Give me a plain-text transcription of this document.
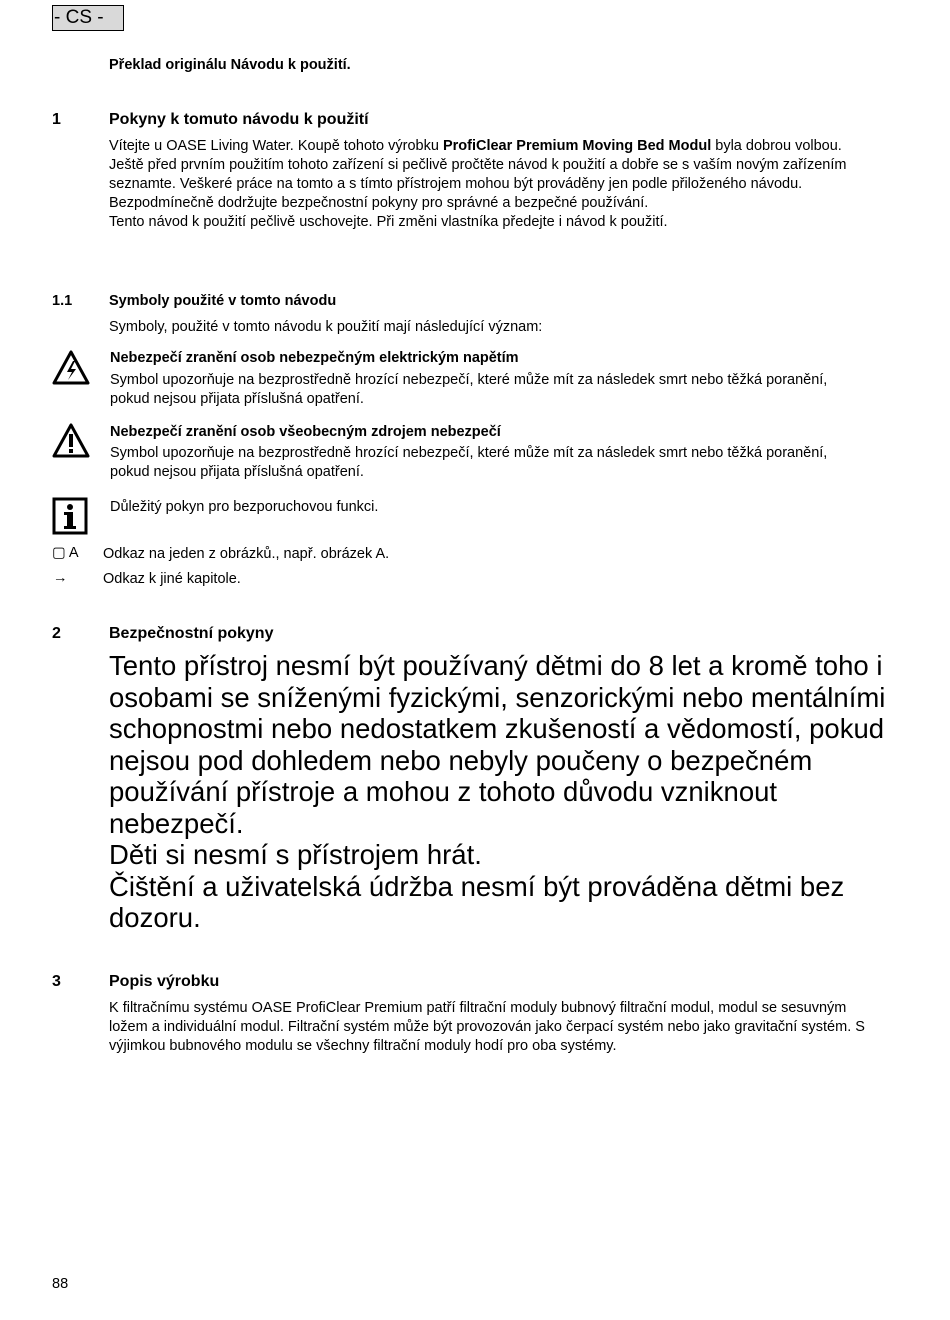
- CS -
Překlad originálu Návodu k použití.
1	Pokyny k tomuto návodu k použití

Vítejte u OASE Living Water. Koupě tohoto výrobku ProfiClear Premium Moving Bed Modul byla dobrou volbou.

Ještě před prvním použitím tohoto zařízení si pečlivě pročtěte návod k použití a dobře se s vaším novým zařízením seznamte. Veškeré práce na tomto a s tímto přístrojem mohou být prováděny jen podle přiloženého návodu.

Bezpodmínečně dodržujte bezpečnostní pokyny pro správné a bezpečné používání.

Tento návod k použití pečlivě uschovejte. Při změni vlastníka předejte i návod k použití.

1.1	Symboly použité v tomto návodu
Symboly, použité v tomto návodu k použití mají následující význam:
Nebezpečí zranění osob nebezpečným elektrickým napětím
Symbol upozorňuje na bezprostředně hrozící nebezpečí, které může mít za následek smrt nebo těžká poranění, pokud nejsou přijata příslušná opatření.
Nebezpečí zranění osob všeobecným zdrojem nebezpečí
Symbol upozorňuje na bezprostředně hrozící nebezpečí, které může mít za následek smrt nebo těžká poranění, pokud nejsou přijata příslušná opatření.
Důležitý pokyn pro bezporuchovou funkci.
▢ A Odkaz na jeden z obrázků., např. obrázek A.
→ Odkaz k jiné kapitole.
2	Bezpečnostní pokyny

Tento přístroj nesmí být používaný dětmi do 8 let a kromě toho i osobami se sníženými fyzickými, senzorickými nebo mentálními schopnostmi nebo nedostatkem zkušeností a vědomostí, pokud nejsou pod dohledem nebo nebyly poučeny o bezpečném používání přístroje a mohou z tohoto důvodu vzniknout nebezpečí.

Děti si nesmí s přístrojem hrát.

Čištění a uživatelská údržba nesmí být prováděna dětmi bez dozoru.

3	Popis výrobku
K filtračnímu systému OASE ProfiClear Premium patří filtrační moduly bubnový filtrační modul, modul se sesuvným ložem a individuální modul. Filtrační systém může být provozován jako čerpací systém nebo jako gravitační systém. S výjimkou bubnového modulu se všechny filtrační moduly hodí pro oba systémy.
88
